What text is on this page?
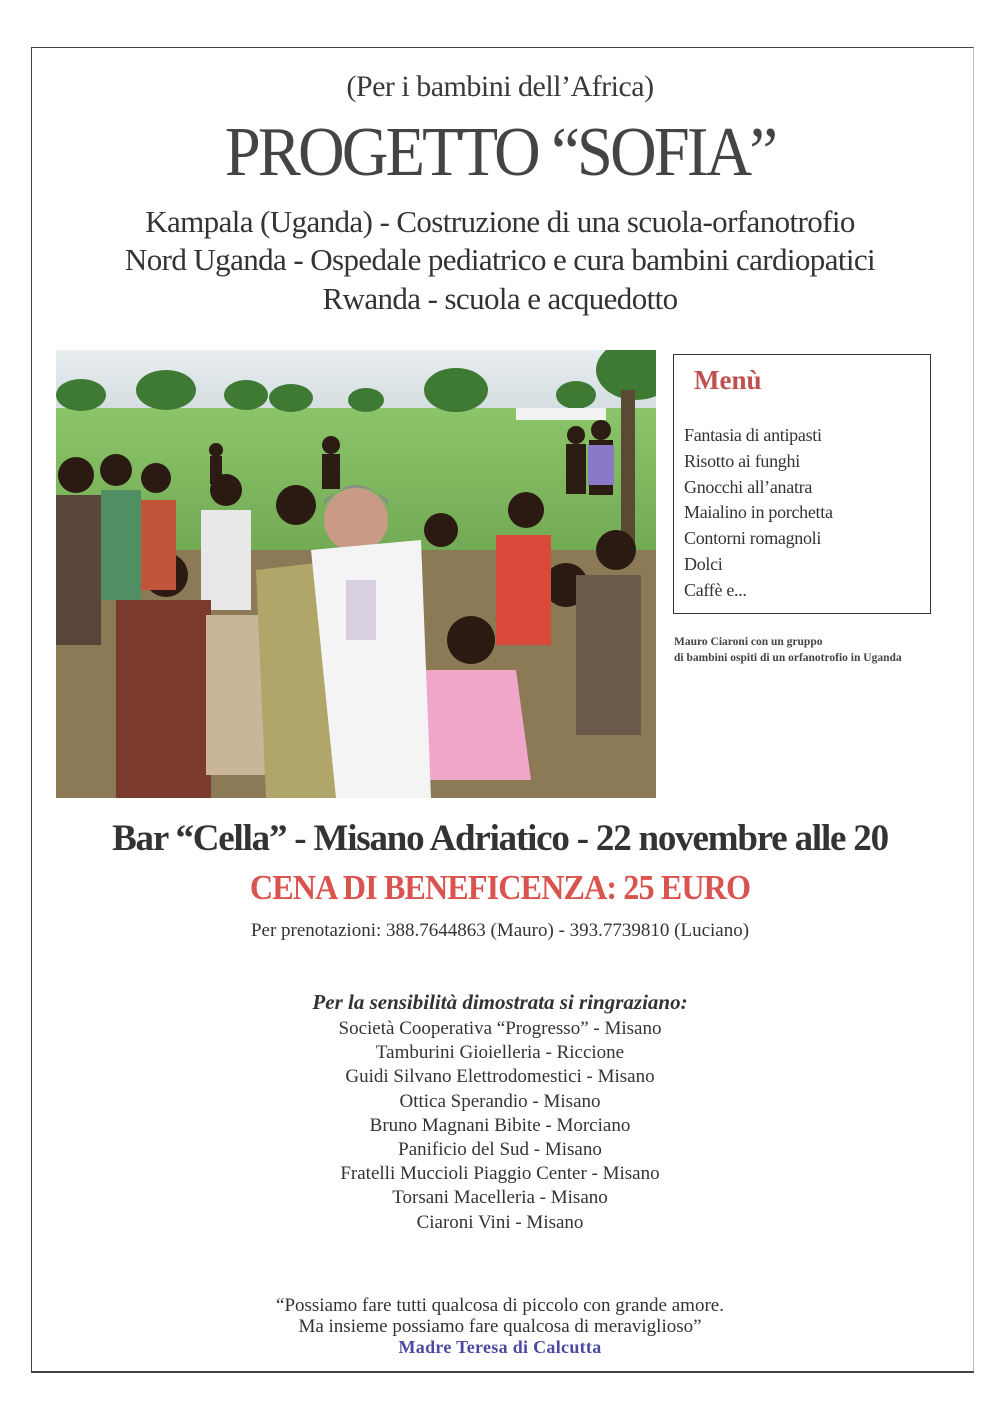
(Per i bambini dell’Africa)
PROGETTO “SOFIA”
Kampala (Uganda) - Costruzione di una scuola-orfanotrofio
Nord Uganda - Ospedale pediatrico e cura bambini cardiopatici
Rwanda - scuola e acquedotto
Menù
Fantasia di antipasti
Risotto ai funghi
Gnocchi all’anatra
Maialino in porchetta
Contorni romagnoli
Dolci
Caffè e...
Mauro Ciaroni con un gruppo
di bambini ospiti di un orfanotrofio in Uganda
Bar “Cella” - Misano Adriatico - 22 novembre alle 20
CENA DI BENEFICENZA: 25 EURO
Per prenotazioni: 388.7644863 (Mauro) - 393.7739810 (Luciano)
Per la sensibilità dimostrata si ringraziano:
Società Cooperativa “Progresso” - Misano
Tamburini Gioielleria - Riccione
Guidi Silvano Elettrodomestici - Misano
Ottica Sperandio - Misano
Bruno Magnani Bibite - Morciano
Panificio del Sud - Misano
Fratelli Muccioli Piaggio Center - Misano
Torsani Macelleria - Misano
Ciaroni Vini - Misano
“Possiamo fare tutti qualcosa di piccolo con grande amore.
Ma insieme possiamo fare qualcosa di meraviglioso”
Madre Teresa di Calcutta
